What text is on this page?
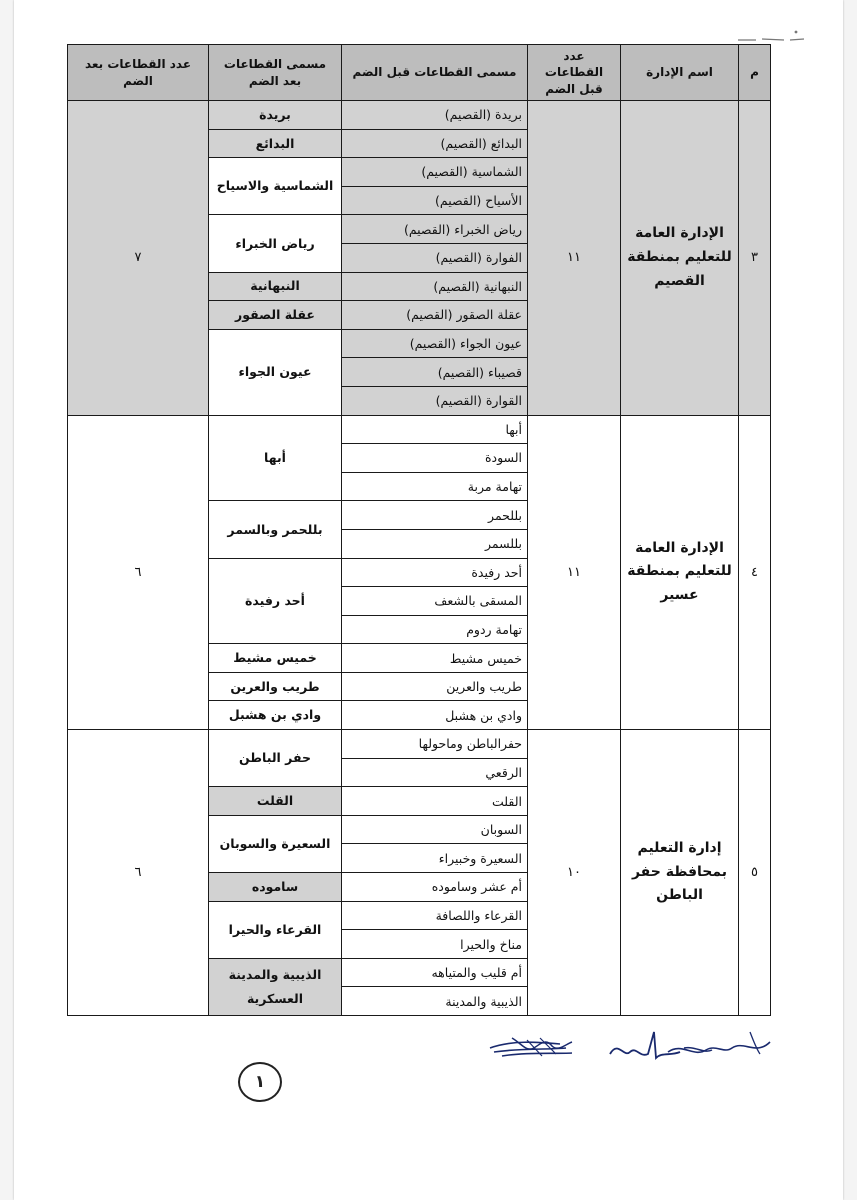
م	اسم الإدارة	عدد القطاعات قبل الضم	مسمى القطاعات قبل الضم	مسمى القطاعات بعد الضم	عدد القطاعات بعد الضم
٣	الإدارة العامة للتعليم بمنطقة القصيم	١١	بريدة (القصيم)	بريدة	٧
			البدائع (القصيم)	البدائع	
			الشماسية (القصيم)	الشماسية والاسياح	
			الأسياح (القصيم)		
			رياض الخبراء (القصيم)	رياض الخبراء	
			الفوارة (القصيم)		
			النبهانية (القصيم)	النبهانية	
			عقلة الصقور (القصيم)	عقلة الصقور	
			عيون الجواء (القصيم)	عيون الجواء	
			قصيباء (القصيم)		
			القوارة (القصيم)		
٤	الإدارة العامة للتعليم بمنطقة عسير	١١	أبها	أبها	٦
			السودة		
			تهامة مربة		
			بللحمر	بللحمر وبالسمر	
			بللسمر		
			أحد رفيدة	أحد رفيدة	
			المسقى بالشعف		
			تهامة ردوم		
			خميس مشيط	خميس مشيط	
			طريب والعرين	طريب والعرين	
			وادي بن هشبل	وادي بن هشبل	
٥	إدارة التعليم بمحافظة حفر الباطن	١٠	حفرالباطن وماحولها	حفر الباطن	٦
			الرقعي		
			القلت	القلت	
			السوبان	السعيرة والسوبان	
			السعيرة وخبيراء		
			أم عشر وساموده	ساموده	
			القرعاء واللصافة	القرعاء والحيرا	
			مناخ والحيرا		
			أم قليب والمتياهه	الذيبية والمدينة العسكرية	
			الذيبية والمدينة		
١
